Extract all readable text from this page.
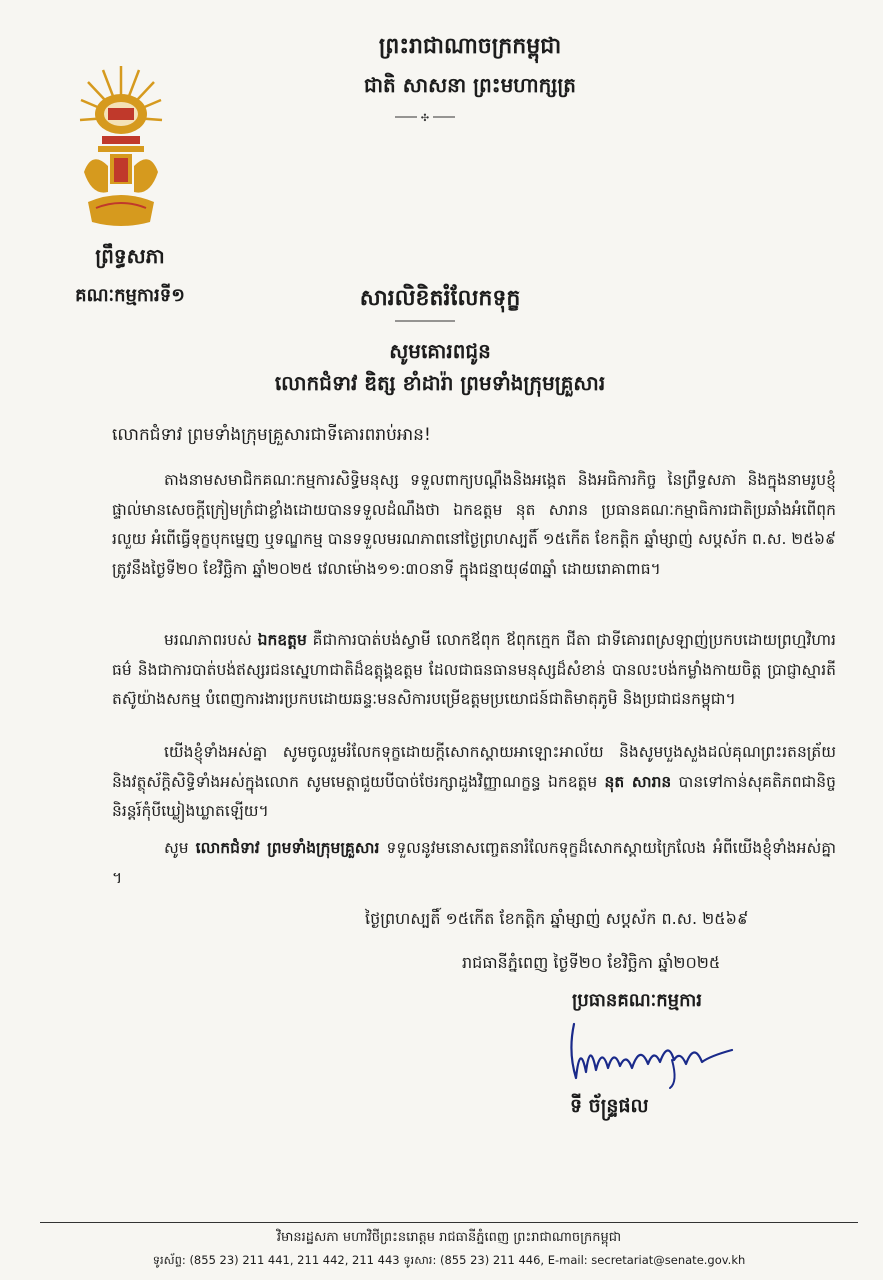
ព្រះរាជាណាចក្រកម្ពុជា
ជាតិ សាសនា ព្រះមហាក្សត្រ
✣
ព្រឹទ្ធសភា
គណៈកម្មការទី១	សារលិខិតរំលែកទុក្ខ
សូមគោរពជូន
លោកជំទាវ ឌិត្ស ខាំដារ៉ា ព្រមទាំងក្រុមគ្រួសារ
លោកជំទាវ ព្រមទាំងក្រុមគ្រួសារជាទីគោរពរាប់អាន!
តាងនាមសមាជិកគណៈកម្មការសិទ្ធិមនុស្ស ទទួលពាក្យបណ្តឹងនិងអង្កេត និងអធិការកិច្ច នៃព្រឹទ្ធសភា និងក្នុងនាមរូបខ្ញុំផ្ទាល់មានសេចក្តីក្រៀមក្រំជាខ្លាំងដោយបានទទួលដំណឹងថា ឯកឧត្តម នុត សារាន ប្រធានគណៈកម្មាធិការជាតិប្រឆាំងអំពើពុករលួយ អំពើធ្វើទុក្ខបុកម្នេញ ឬទណ្ឌកម្ម បានទទួលមរណភាពនៅថ្ងៃព្រហស្បតិ៍ ១៥កើត ខែកត្តិក ឆ្នាំម្សាញ់ សប្តស័ក ព.ស. ២៥៦៩ ត្រូវនឹងថ្ងៃទី២០ ខែវិច្ឆិកា ឆ្នាំ២០២៥ វេលាម៉ោង១១:៣០នាទី ក្នុងជន្មាយុ៨៣ឆ្នាំ ដោយរោគាពាធ។
មរណភាពរបស់ ឯកឧត្តម គឺជាការបាត់បង់ស្វាមី លោកឪពុក ឪពុកក្មេក ជីតា ជាទីគោរពស្រឡាញ់ប្រកបដោយព្រហ្មវិហារធម៌ និងជាការបាត់បង់ឥស្សរជនស្នេហាជាតិដ៏ឧត្តុង្គឧត្តម ដែលជាធនធានមនុស្សដ៏សំខាន់ បានលះបង់កម្លាំងកាយចិត្ត ប្រាជ្ញាស្មារតី តស៊ូយ៉ាងសកម្ម បំពេញការងារប្រកបដោយឆន្ទៈមនសិការបម្រើឧត្តមប្រយោជន៍ជាតិមាតុភូមិ និងប្រជាជនកម្ពុជា។
យើងខ្ញុំទាំងអស់គ្នា សូមចូលរួមរំលែកទុក្ខដោយក្តីសោកស្តាយអាឡោះអាល័យ និងសូមបួងសួងដល់គុណព្រះរតនត្រ័យ និងវត្ថុស័ក្តិសិទ្ធិទាំងអស់ក្នុងលោក សូមមេត្តាជួយបីបាច់ថែរក្សាដួងវិញ្ញាណក្ខន្ធ ឯកឧត្តម នុត សារាន បានទៅកាន់សុគតិភពជានិច្ចនិរន្តរ៍កុំបីឃ្លៀងឃ្លាតឡើយ។
សូម លោកជំទាវ ព្រមទាំងក្រុមគ្រួសារ ទទួលនូវមនោសញ្ចេតនារំលែកទុក្ខដ៏សោកស្តាយក្រៃលែង អំពីយើងខ្ញុំទាំងអស់គ្នា ។
ថ្ងៃព្រហស្បតិ៍ ១៥កើត ខែកត្តិក ឆ្នាំម្សាញ់ សប្តស័ក ព.ស. ២៥៦៩
រាជធានីភ្នំពេញ ថ្ងៃទី២០ ខែវិច្ឆិកា ឆ្នាំ២០២៥
ប្រធានគណៈកម្មការ
ទី ច័ន្ទ្រផល
វិមានរដ្ឋសភា មហាវិថីព្រះនរោត្តម រាជធានីភ្នំពេញ ព្រះរាជាណាចក្រកម្ពុជា
ទូរស័ព្ទ: (855 23) 211 441, 211 442, 211 443 ទូរសារ: (855 23) 211 446, E-mail: secretariat@senate.gov.kh
